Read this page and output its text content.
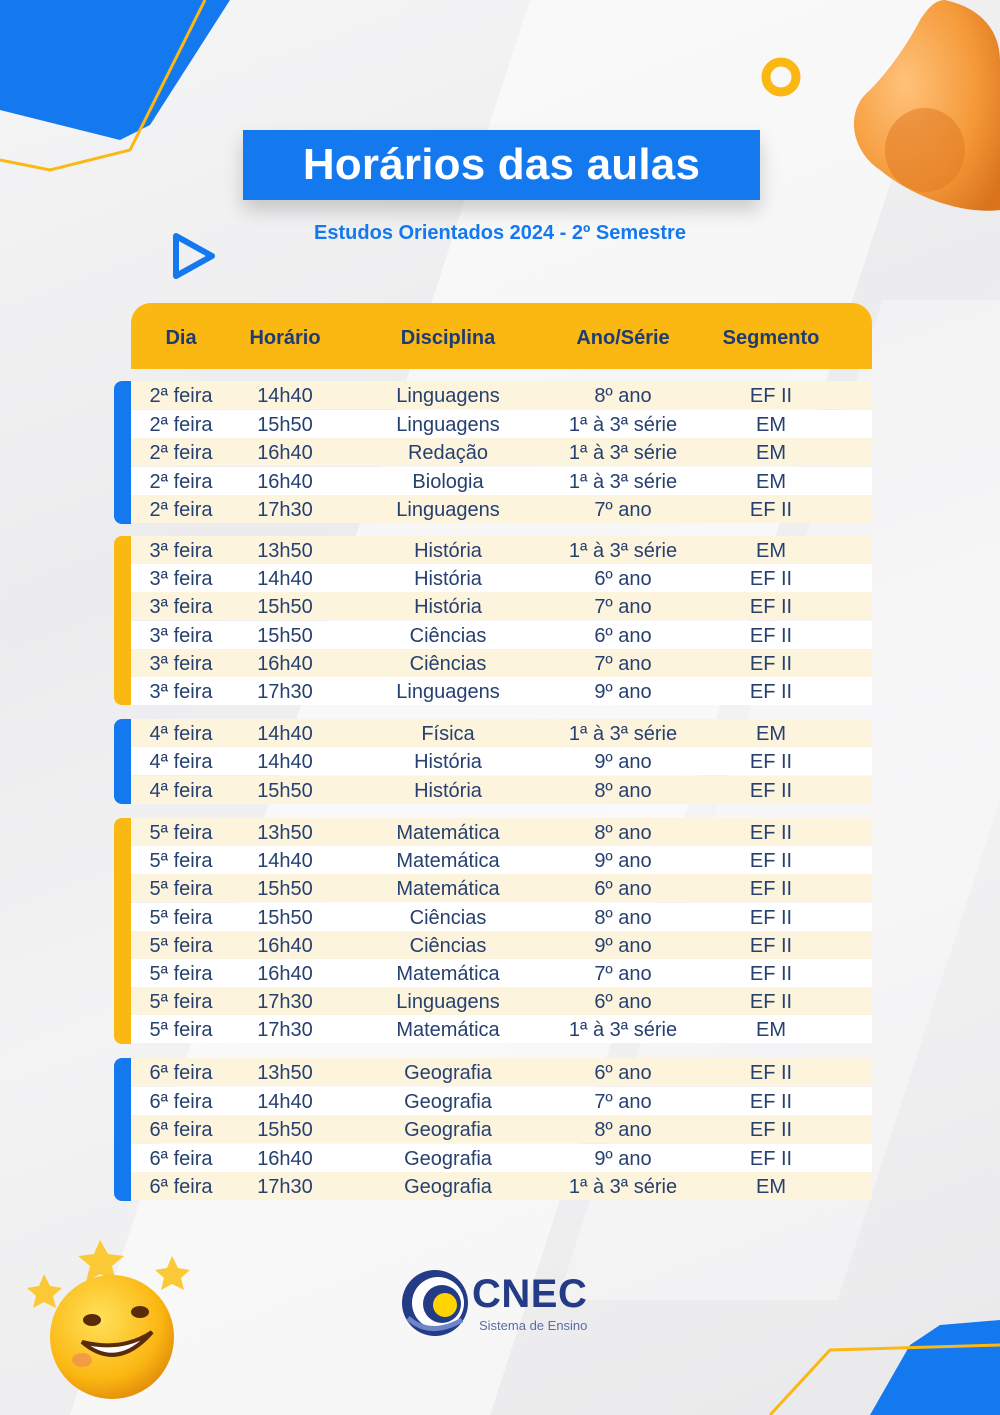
Horários das aulas
Estudos Orientados 2024 - 2º Semestre
Dia	Horário	Disciplina	Ano/Série	Segmento
2ª feira	14h40	Linguagens	8º ano	EF II
2ª feira	15h50	Linguagens	1ª à 3ª série	EM
2ª feira	16h40	Redação	1ª à 3ª série	EM
2ª feira	16h40	Biologia	1ª à 3ª série	EM
2ª feira	17h30	Linguagens	7º ano	EF II
3ª feira	13h50	História	1ª à 3ª série	EM
3ª feira	14h40	História	6º ano	EF II
3ª feira	15h50	História	7º ano	EF II
3ª feira	15h50	Ciências	6º ano	EF II
3ª feira	16h40	Ciências	7º ano	EF II
3ª feira	17h30	Linguagens	9º ano	EF II
4ª feira	14h40	Física	1ª à 3ª série	EM
4ª feira	14h40	História	9º ano	EF II
4ª feira	15h50	História	8º ano	EF II
5ª feira	13h50	Matemática	8º ano	EF II
5ª feira	14h40	Matemática	9º ano	EF II
5ª feira	15h50	Matemática	6º ano	EF II
5ª feira	15h50	Ciências	8º ano	EF II
5ª feira	16h40	Ciências	9º ano	EF II
5ª feira	16h40	Matemática	7º ano	EF II
5ª feira	17h30	Linguagens	6º ano	EF II
5ª feira	17h30	Matemática	1ª à 3ª série	EM
6ª feira	13h50	Geografia	6º ano	EF II
6ª feira	14h40	Geografia	7º ano	EF II
6ª feira	15h50	Geografia	8º ano	EF II
6ª feira	16h40	Geografia	9º ano	EF II
6ª feira	17h30	Geografia	1ª à 3ª série	EM
CNEC
Sistema de Ensino
